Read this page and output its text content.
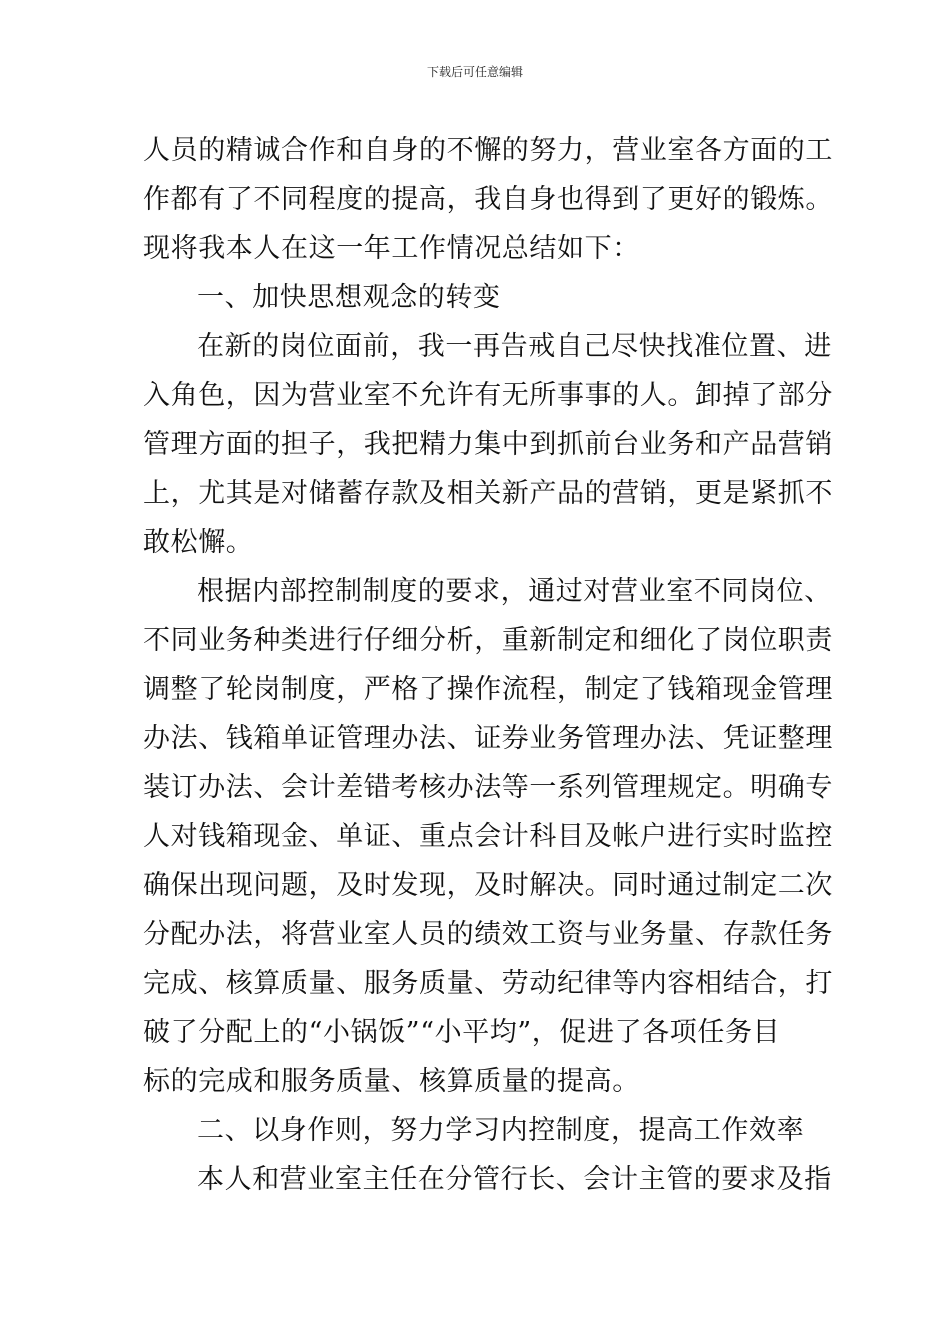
下载后可任意编辑
人员的精诚合作和自身的不懈的努力，营业室各方面的工
作都有了不同程度的提高，我自身也得到了更好的锻炼。
现将我本人在这一年工作情况总结如下：
一、加快思想观念的转变
在新的岗位面前，我一再告戒自己尽快找准位置、进
入角色，因为营业室不允许有无所事事的人。卸掉了部分
管理方面的担子，我把精力集中到抓前台业务和产品营销
上，尤其是对储蓄存款及相关新产品的营销，更是紧抓不
敢松懈。
根据内部控制制度的要求，通过对营业室不同岗位、
不同业务种类进行仔细分析，重新制定和细化了岗位职责
调整了轮岗制度，严格了操作流程，制定了钱箱现金管理
办法、钱箱单证管理办法、证券业务管理办法、凭证整理
装订办法、会计差错考核办法等一系列管理规定。明确专
人对钱箱现金、单证、重点会计科目及帐户进行实时监控
确保出现问题，及时发现，及时解决。同时通过制定二次
分配办法，将营业室人员的绩效工资与业务量、存款任务
完成、核算质量、服务质量、劳动纪律等内容相结合，打
破了分配上的“小锅饭”“小平均”，促进了各项任务目
标的完成和服务质量、核算质量的提高。
二、以身作则，努力学习内控制度，提高工作效率
本人和营业室主任在分管行长、会计主管的要求及指
